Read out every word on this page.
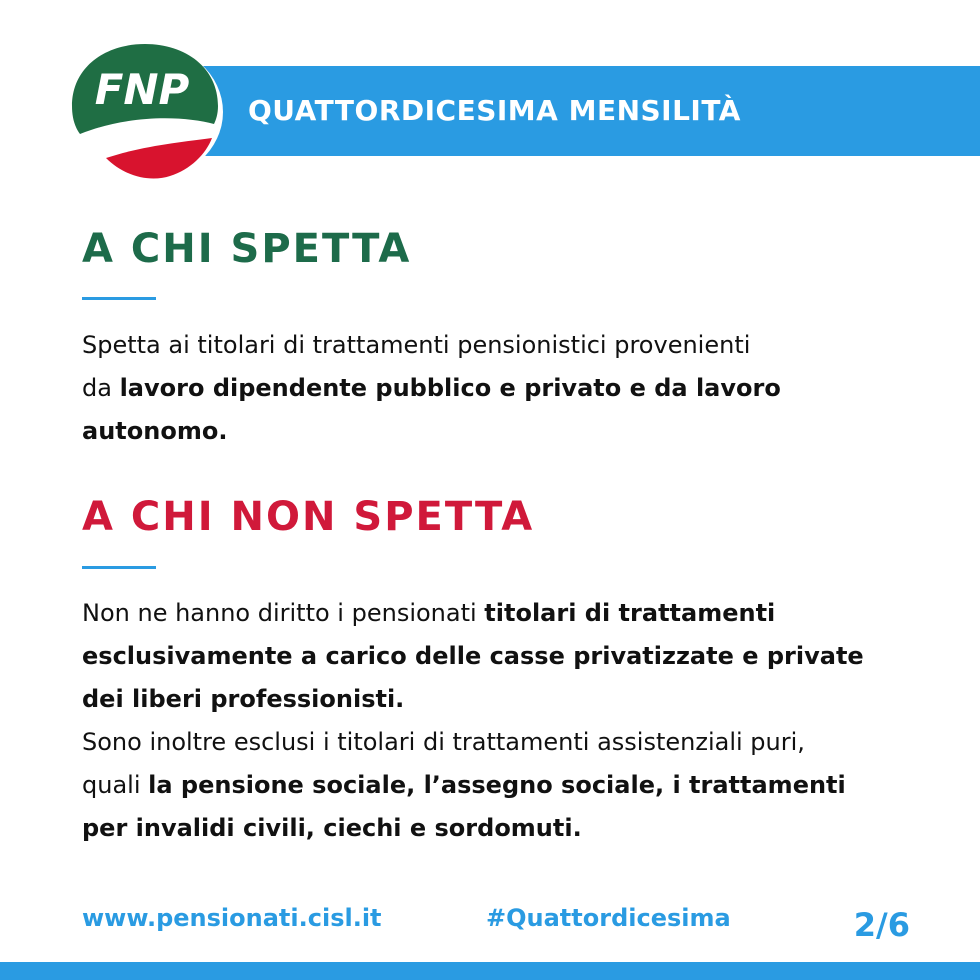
QUATTORDICESIMA MENSILITÀ
FNP
A CHI SPETTA
Spetta ai titolari di trattamenti pensionistici provenienti
da lavoro dipendente pubblico e privato e da lavoro
autonomo.
A CHI NON SPETTA
Non ne hanno diritto i pensionati titolari di trattamenti
esclusivamente a carico delle casse privatizzate e private
dei liberi professionisti.
Sono inoltre esclusi i titolari di trattamenti assistenziali puri,
quali la pensione sociale, l’assegno sociale, i trattamenti
per invalidi civili, ciechi e sordomuti.
www.pensionati.cisl.it	#Quattordicesima	2/6
